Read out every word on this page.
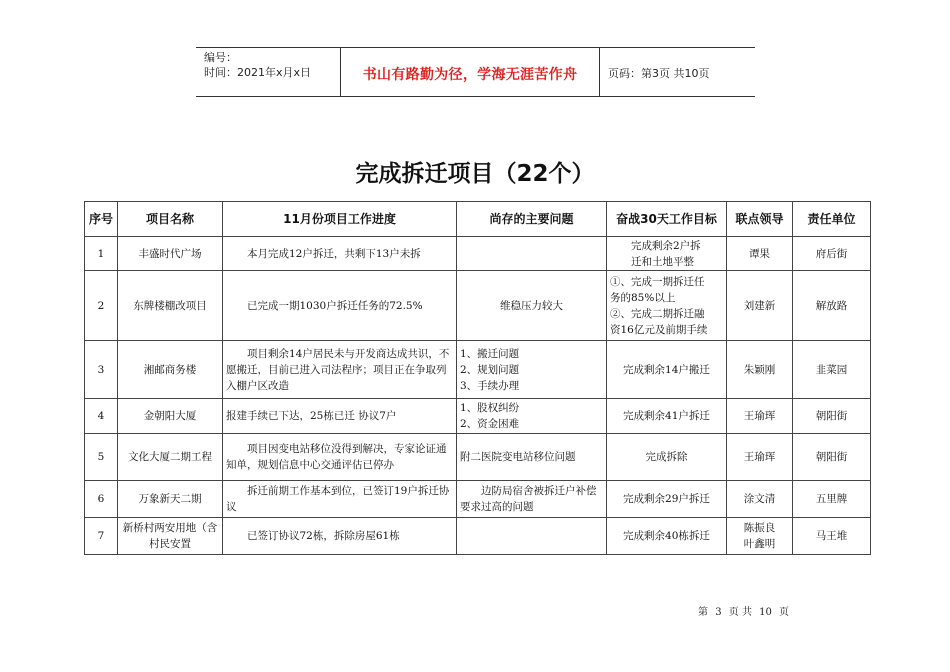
编号：
时间：2021年x月x日	书山有路勤为径，学海无涯苦作舟	页码：第3页 共10页
完成拆迁项目（22个）
序号	项目名称	11月份项目工作进度	尚存的主要问题	奋战30天工作目标	联点领导	责任单位
1	丰盛时代广场	本月完成12户拆迁，共剩下13户未拆		完成剩余2户拆
迁和土地平整	谭果	府后街
2	东牌楼棚改项目	已完成一期1030户拆迁任务的72.5%	维稳压力较大	①、完成一期拆迁任
务的85%以上
②、完成二期拆迁融
资16亿元及前期手续	刘建新	解放路
3	湘邮商务楼	项目剩余14户居民未与开发商达成共识，不愿搬迁，目前已进入司法程序；项目正在争取列入棚户区改造	1、搬迁问题
2、规划问题
3、手续办理	完成剩余14户搬迁	朱颖刚	韭菜园
4	金朝阳大厦	报建手续已下达，25栋已迁 协议7户	1、股权纠纷
2、资金困难	完成剩余41户拆迁	王瑜珲	朝阳街
5	文化大厦二期工程	项目因变电站移位没得到解决，专家论证通知单，规划信息中心交通评估已停办	附二医院变电站移位问题	完成拆除	王瑜珲	朝阳街
6	万象新天二期	拆迁前期工作基本到位，已签订19户拆迁协议	边防局宿舍被拆迁户补偿要求过高的问题	完成剩余29户拆迁	涂文清	五里牌
7	新桥村两安用地（含村民安置	已签订协议72栋，拆除房屋61栋		完成剩余40栋拆迁	陈振良
叶鑫明	马王堆
第 3 页 共 10 页
